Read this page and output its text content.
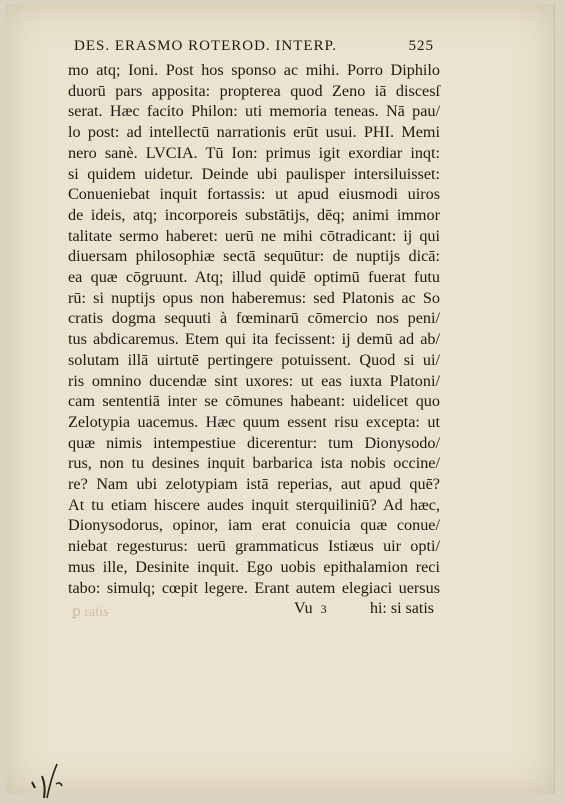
DES. ERASMO ROTEROD. INTERP.	525
mo atq; Ioni. Post hos sponso ac mihi. Porro Diphilo
duorū pars apposita: propterea quod Zeno iā discesſ
serat. Hæc facito Philon: uti memoria teneas. Nā pau/
lo post: ad intellectū narrationis erūt usui. PHI. Memi
nero sanè. LVCIA. Tū Ion: primus igit exordiar inqt:
si quidem uidetur. Deinde ubi paulisper intersiluisset:
Conueniebat inquit fortassis: ut apud eiusmodi uiros
de ideis, atq; incorporeis substātijs, dēq; animi immor
talitate sermo haberet: uerū ne mihi cōtradicant: ij qui
diuersam philosophiæ sectā sequūtur: de nuptijs dicā:
ea quæ cōgruunt. Atq; illud quidē optimū fuerat futu
rū: si nuptijs opus non haberemus: sed Platonis ac So
cratis dogma sequuti à fœminarū cōmercio nos peni/
tus abdicaremus. Etem qui ita fecissent: ij demū ad ab/
solutam illā uirtutē pertingere potuissent. Quod si ui/
ris omnino ducendæ sint uxores: ut eas iuxta Platoni/
cam sententiā inter se cōmunes habeant: uidelicet quo
Zelotypia uacemus. Hæc quum essent risu excepta: ut
quæ nimis intempestiue dicerentur: tum Dionysodo/
rus, non tu desines inquit barbarica ista nobis occine/
re? Nam ubi zelotypiam istā reperias, aut apud quē?
At tu etiam hiscere audes inquit sterquiliniū? Ad hæc,
Dionysodorus, opinor, iam erat conuicia quæ conue/
niebat regesturus: uerū grammaticus Istiæus uir opti/
mus ille, Desinite inquit. Ego uobis epithalamion reci
tabo: simulq; cœpit legere. Erant autem elegiaci uersus
Vu 3	hi: si satis
ꝑ ratis
